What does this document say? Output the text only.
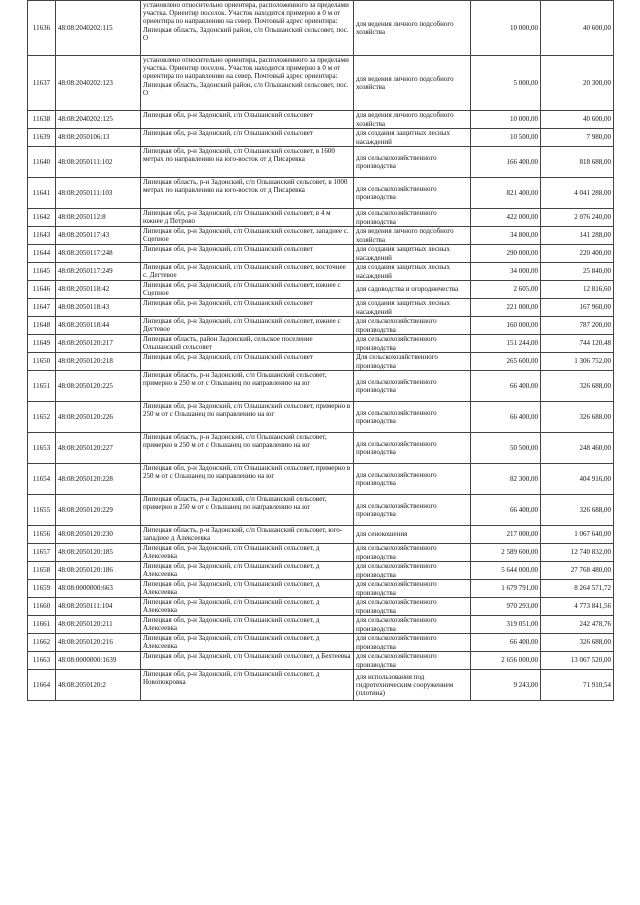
11636	48:08:2040202:115	установлено относительно ориентира, расположенного за пределами участка. Ориентир поселок. Участок находится примерно в 0 м от ориентира по направлению на север. Почтовый адрес ориентира: Липецкая область, Задонский район, с/п Ольшанский сельсовет, пос. О	для ведения личного подсобного хозяйства	10 000,00	40 600,00
11637	48:08:2040202:123	установлено относительно ориентира, расположенного за пределами участка. Ориентир поселок. Участок находится примерно в 0 м от ориентира по направлению на север. Почтовый адрес ориентира: Липецкая область, Задонский район, с/п Ольшанский сельсовет, пос. О	для ведения личного подсобного хозяйства	5 000,00	20 300,00
11638	48:08:2040202:125	Липецкая обл, р-н Задонский, с/п Ольшанский сельсовет	для ведения личного подсобного хозяйства	10 000,00	40 600,00
11639	48:08:2050106:13	Липецкая обл, р-н Задонский, с/п Ольшанский сельсовет	для создания защитных лесных насаждений	10 500,00	7 980,00
11640	48:08:2050111:102	Липецкая обл, р-н Задонский, с/п Ольшанский сельсовет, в 1600 метрах по направлению на юго-восток от д Писаревка	для сельскохозяйственного производства	166 400,00	818 688,00
11641	48:08:2050111:103	Липецкая область, р-н Задонский, с/п Ольшанский сельсовет, в 1000 метрах по направлению на юго-восток от д Писаревка	для сельскохозяйственного производства	821 400,00	4 041 288,00
11642	48:08:2050112:8	Липецкая обл, р-н Задонский, с/п Ольшанский сельсовет, в 4 м южнее д Петрово	для сельскохозяйственного производства	422 000,00	2 076 240,00
11643	48:08:2050117:43	Липецкая обл, р-н Задонский, с/п Ольшанский сельсовет, западнее с. Сцепное	для ведения личного подсобного хозяйства	34 800,00	141 288,00
11644	48:08:2050117:248	Липецкая обл, р-н Задонский, с/п Ольшанский сельсовет	для создания защитных лесных насаждений	290 000,00	220 400,00
11645	48:08:2050117:249	Липецкая обл, р-н Задонский, с/п Ольшанский сельсовет, восточнее с. Дегтевое	для создания защитных лесных насаждений	34 000,00	25 840,00
11646	48:08:2050118:42	Липецкая обл, р-н Задонский, с/п Ольшанский сельсовет, южнее с Сцепное	для садоводства и огородничества	2 605,00	12 816,60
11647	48:08:2050118:43	Липецкая обл, р-н Задонский, с/п Ольшанский сельсовет	для создания защитных лесных насаждений	221 000,00	167 960,00
11648	48:08:2050118:44	Липецкая обл, р-н Задонский, с/п Ольшанский сельсовет, южнее с Дегтевое	для сельскохозяйственного производства	160 000,00	787 200,00
11649	48:08:2050120:217	Липецкая область, район Задонский, сельское поселение Ольшанский сельсовет	для сельскохозяйственного производства	151 244,00	744 120,48
11650	48:08:2050120:218	Липецкая обл, р-н Задонский, с/п Ольшанский сельсовет	Для сельскохозяйственного производства	265 600,00	1 306 752,00
11651	48:08:2050120:225	Липецкая область, р-н Задонский, с/п Ольшанский сельсовет, примерно в 250 м от с Ольшанец по направлению на юг	для сельскохозяйственного производства	66 400,00	326 688,00
11652	48:08:2050120:226	Липецкая обл, р-н Задонский, с/п Ольшанский сельсовет, примерно в 250 м от с Ольшанец по направлению на юг	для сельскохозяйственного производства	66 400,00	326 688,00
11653	48:08:2050120:227	Липецкая область, р-н Задонский, с/п Ольшанский сельсовет, примерно в 250 м от с Ольшанец по направлению на юг	для сельскохозяйственного производства	50 500,00	248 460,00
11654	48:08:2050120:228	Липецкая обл, р-н Задонский, с/п Ольшанский сельсовет, примерно в 250 м от с Ольшанец по направлению на юг	для сельскохозяйственного производства	82 300,00	404 916,00
11655	48:08:2050120:229	Липецкая область, р-н Задонский, с/п Ольшанский сельсовет, примерно в 250 м от с Ольшанец по направлению на юг	для сельскохозяйственного производства	66 400,00	326 688,00
11656	48:08:2050120:230	Липецкая область, р-н Задонский, с/п Ольшанский сельсовет, юго-западнее д Алексеевка	для сенокошения	217 000,00	1 067 640,00
11657	48:08:2050120:185	Липецкая обл, р-н Задонский, с/п Ольшанский сельсовет, д Алексеевка	для сельскохозяйственного производства	2 589 600,00	12 740 832,00
11658	48:08:2050120:186	Липецкая обл, р-н Задонский, с/п Ольшанский сельсовет, д Алексеевка	для сельскохозяйственного производства	5 644 000,00	27 768 480,00
11659	48:08:0000000:663	Липецкая обл, р-н Задонский, с/п Ольшанский сельсовет, д Алексеевка	для сельскохозяйственного производства	1 679 791,00	8 264 571,72
11660	48:08:2050111:104	Липецкая обл, р-н Задонский, с/п Ольшанский сельсовет, д Алексеевка	для сельскохозяйственного производства	970 293,00	4 773 841,56
11661	48:08:2050120:211	Липецкая обл, р-н Задонский, с/п Ольшанский сельсовет, д Алексеевка	для сельскохозяйственного производства	319 051,00	242 478,76
11662	48:08:2050120:216	Липецкая обл, р-н Задонский, с/п Ольшанский сельсовет, д Алексеевка	для сельскохозяйственного производства	66 400,00	326 688,00
11663	48:08:0000000:1639	Липецкая обл, р-н Задонский, с/п Ольшанский сельсовет, д Бехтеевка	для сельскохозяйственного производства	2 656 000,00	13 067 520,00
11664	48:08:2050120:2	Липецкая обл, р-н Задонский, с/п Ольшанский сельсовет, д Новопокровка	для использования под гидротехническим сооружением (плотина)	9 243,00	71 910,54
